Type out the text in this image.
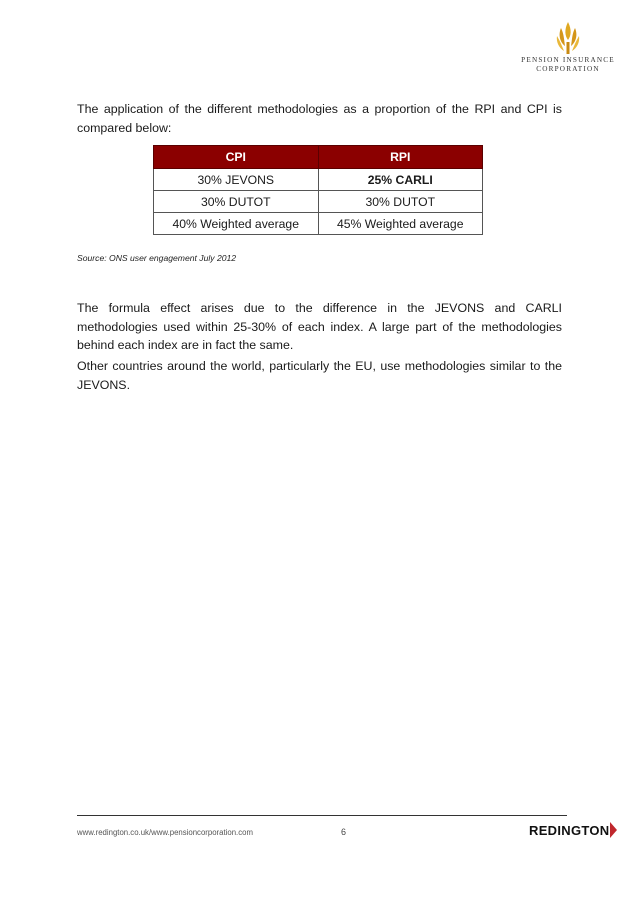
PENSION INSURANCE
CORPORATION
The application of the different methodologies as a proportion of the RPI and CPI is compared below:
CPI	RPI
30% JEVONS	25% CARLI
30% DUTOT	30% DUTOT
40% Weighted average	45% Weighted average
Source: ONS user engagement July 2012

The formula effect arises due to the difference in the JEVONS and CARLI methodologies used within 25-30% of each index. A large part of the methodologies behind each index are in fact the same.

Other countries around the world, particularly the EU, use methodologies similar to the JEVONS.

www.redington.co.uk/www.pensioncorporation.com	6	REDINGTON
